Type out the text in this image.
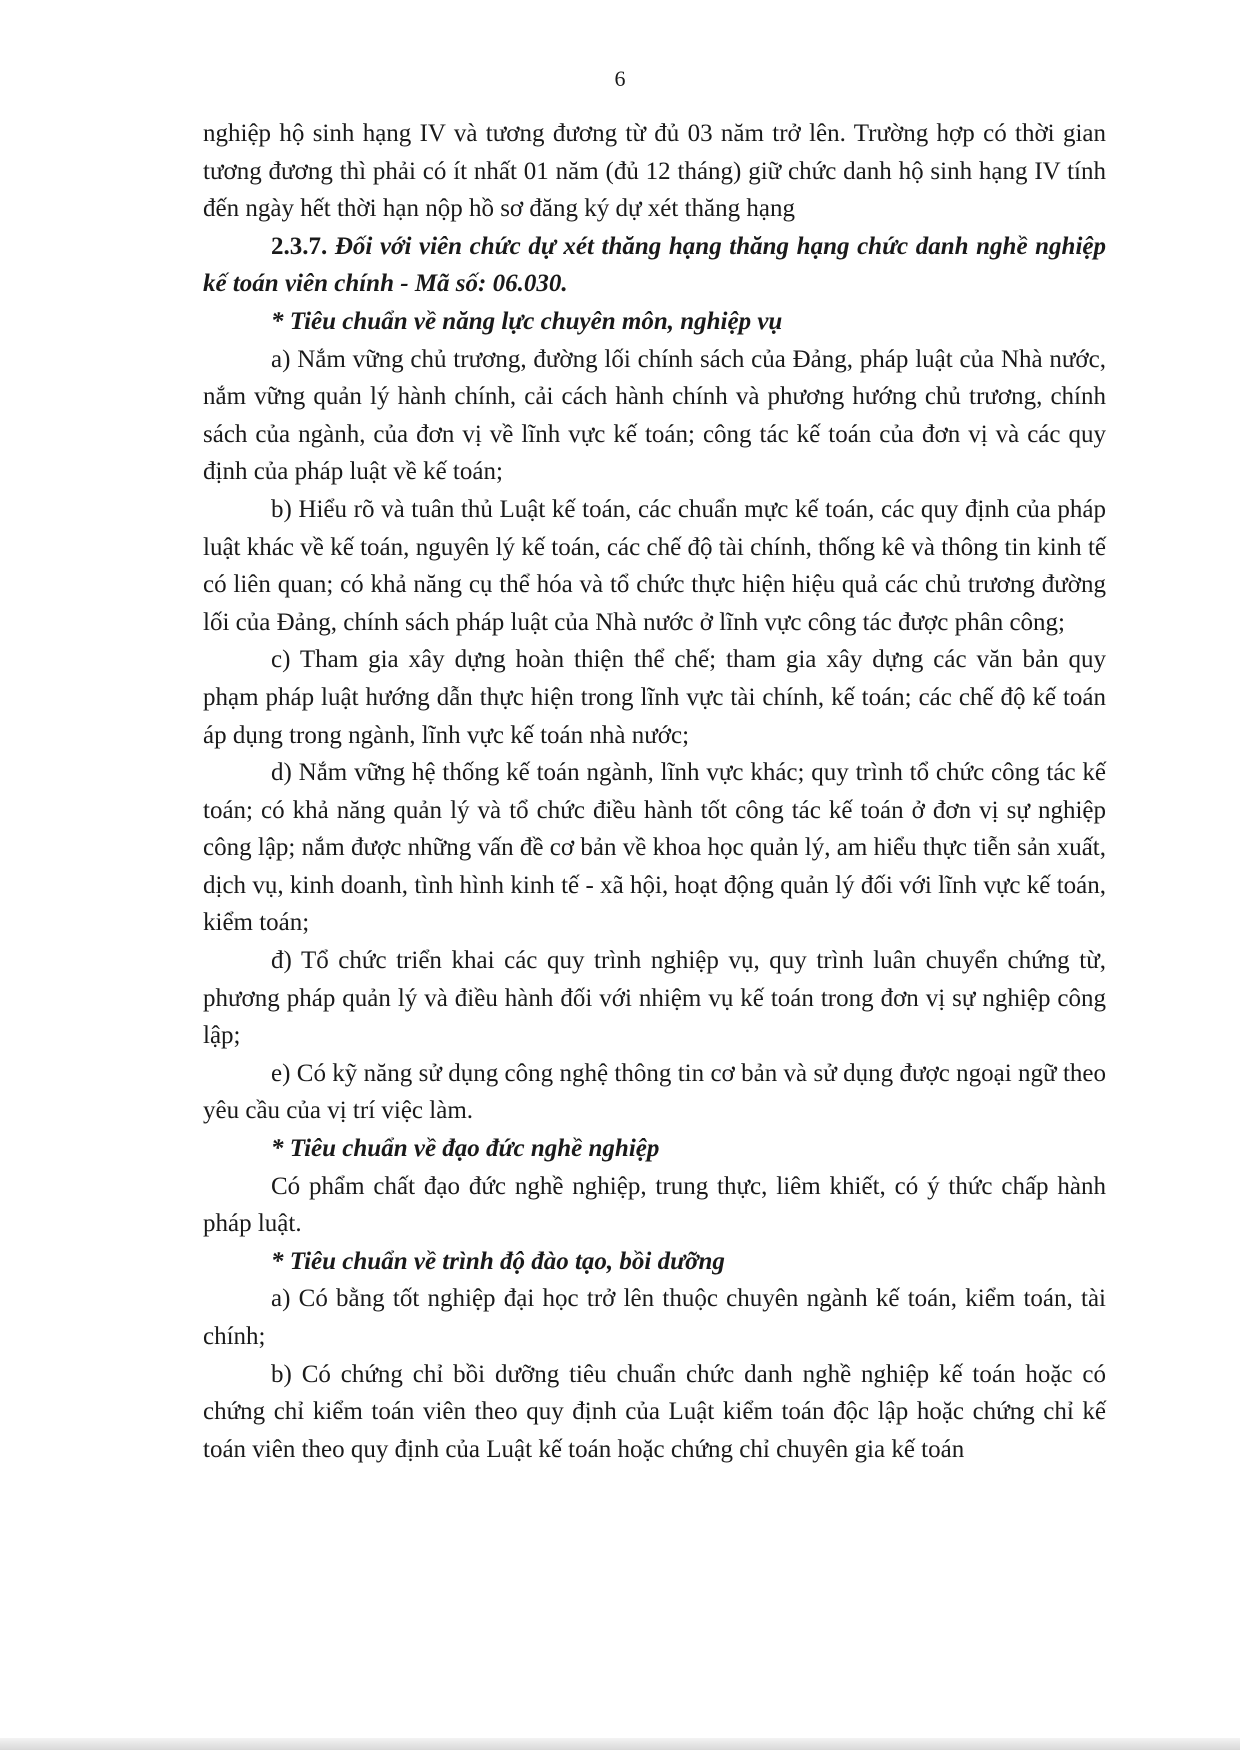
6

nghiệp hộ sinh hạng IV và tương đương từ đủ 03 năm trở lên. Trường hợp có thời gian tương đương thì phải có ít nhất 01 năm (đủ 12 tháng) giữ chức danh hộ sinh hạng IV tính đến ngày hết thời hạn nộp hồ sơ đăng ký dự xét thăng hạng

2.3.7. Đối với viên chức dự xét thăng hạng thăng hạng chức danh nghề nghiệp kế toán viên chính - Mã số: 06.030.

* Tiêu chuẩn về năng lực chuyên môn, nghiệp vụ

a) Nắm vững chủ trương, đường lối chính sách của Đảng, pháp luật của Nhà nước, nắm vững quản lý hành chính, cải cách hành chính và phương hướng chủ trương, chính sách của ngành, của đơn vị về lĩnh vực kế toán; công tác kế toán của đơn vị và các quy định của pháp luật về kế toán;

b) Hiểu rõ và tuân thủ Luật kế toán, các chuẩn mực kế toán, các quy định của pháp luật khác về kế toán, nguyên lý kế toán, các chế độ tài chính, thống kê và thông tin kinh tế có liên quan; có khả năng cụ thể hóa và tổ chức thực hiện hiệu quả các chủ trương đường lối của Đảng, chính sách pháp luật của Nhà nước ở lĩnh vực công tác được phân công;

c) Tham gia xây dựng hoàn thiện thể chế; tham gia xây dựng các văn bản quy phạm pháp luật hướng dẫn thực hiện trong lĩnh vực tài chính, kế toán; các chế độ kế toán áp dụng trong ngành, lĩnh vực kế toán nhà nước;

d) Nắm vững hệ thống kế toán ngành, lĩnh vực khác; quy trình tổ chức công tác kế toán; có khả năng quản lý và tổ chức điều hành tốt công tác kế toán ở đơn vị sự nghiệp công lập; nắm được những vấn đề cơ bản về khoa học quản lý, am hiểu thực tiễn sản xuất, dịch vụ, kinh doanh, tình hình kinh tế - xã hội, hoạt động quản lý đối với lĩnh vực kế toán, kiểm toán;

đ) Tổ chức triển khai các quy trình nghiệp vụ, quy trình luân chuyển chứng từ, phương pháp quản lý và điều hành đối với nhiệm vụ kế toán trong đơn vị sự nghiệp công lập;

e) Có kỹ năng sử dụng công nghệ thông tin cơ bản và sử dụng được ngoại ngữ theo yêu cầu của vị trí việc làm.

* Tiêu chuẩn về đạo đức nghề nghiệp

Có phẩm chất đạo đức nghề nghiệp, trung thực, liêm khiết, có ý thức chấp hành pháp luật.

* Tiêu chuẩn về trình độ đào tạo, bồi dưỡng

a) Có bằng tốt nghiệp đại học trở lên thuộc chuyên ngành kế toán, kiểm toán, tài chính;

b) Có chứng chỉ bồi dưỡng tiêu chuẩn chức danh nghề nghiệp kế toán hoặc có chứng chỉ kiểm toán viên theo quy định của Luật kiểm toán độc lập hoặc chứng chỉ kế toán viên theo quy định của Luật kế toán hoặc chứng chỉ chuyên gia kế toán
